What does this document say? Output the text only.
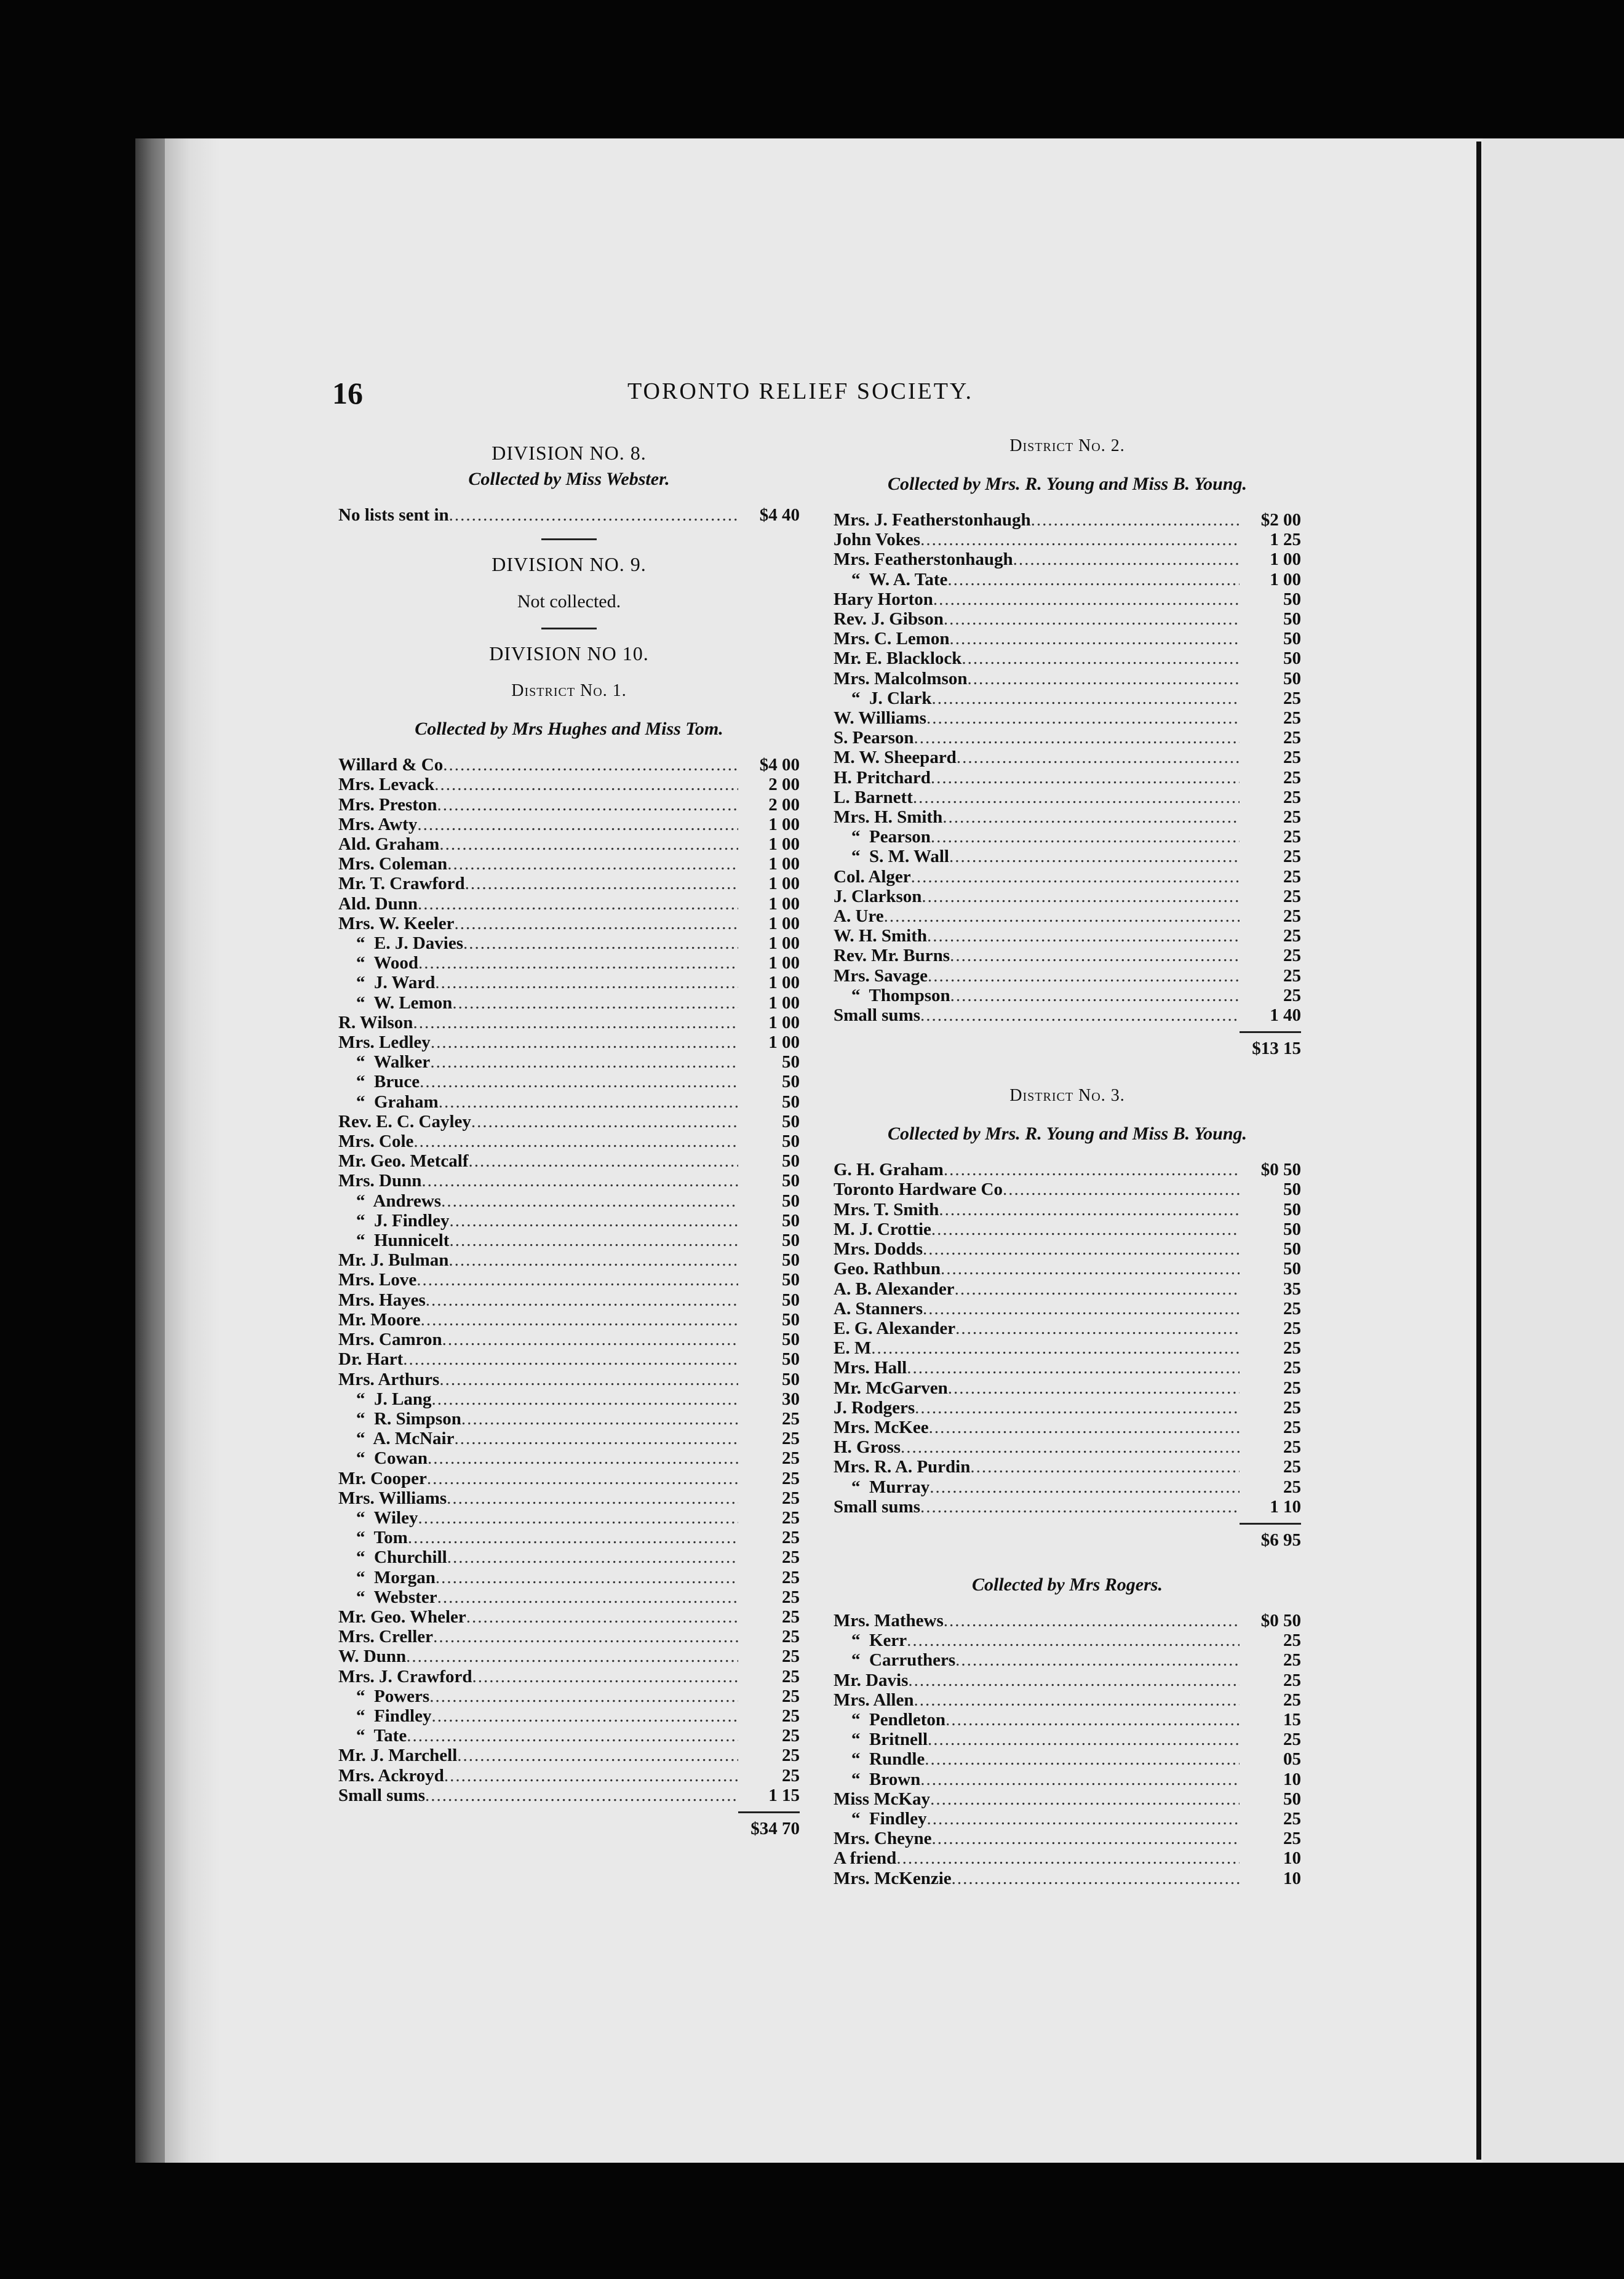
16	TORONTO RELIEF SOCIETY.
DIVISION NO. 8.
Collected by Miss Webster.
No lists sent in .....	$4 40
DIVISION NO. 9.
Not collected.
DIVISION NO 10.
District No. 1.
Collected by Mrs Hughes and Miss Tom.
Willard & Co .....	$4 00
Mrs. Levack .....	2 00
Mrs. Preston .....	2 00
Mrs. Awty .....	1 00
Ald. Graham .....	1 00
Mrs. Coleman .....	1 00
Mr. T. Crawford .....	1 00
Ald. Dunn .....	1 00
Mrs. W. Keeler .....	1 00
“  E. J. Davies .....	1 00
“  Wood .....	1 00
“  J. Ward .....	1 00
“  W. Lemon .....	1 00
R. Wilson .....	1 00
Mrs. Ledley .....	1 00
“  Walker .....	50
“  Bruce .....	50
“  Graham .....	50
Rev. E. C. Cayley .....	50
Mrs. Cole .....	50
Mr. Geo. Metcalf .....	50
Mrs. Dunn .....	50
“  Andrews .....	50
“  J. Findley .....	50
“  Hunnicelt .....	50
Mr. J. Bulman .....	50
Mrs. Love .....	50
Mrs. Hayes .....	50
Mr. Moore .....	50
Mrs. Camron .....	50
Dr. Hart .....	50
Mrs. Arthurs .....	50
“  J. Lang .....	30
“  R. Simpson .....	25
“  A. McNair .....	25
“  Cowan .....	25
Mr. Cooper .....	25
Mrs. Williams .....	25
“  Wiley .....	25
“  Tom .....	25
“  Churchill .....	25
“  Morgan .....	25
“  Webster .....	25
Mr. Geo. Wheler .....	25
Mrs. Creller .....	25
W. Dunn .....	25
Mrs. J. Crawford .....	25
“  Powers .....	25
“  Findley .....	25
“  Tate .....	25
Mr. J. Marchell .....	25
Mrs. Ackroyd .....	25
Small sums .....	1 15
$34 70
District No. 2.
Collected by Mrs. R. Young and Miss B. Young.
Mrs. J. Featherstonhaugh .....	$2 00
John Vokes .....	1 25
Mrs. Featherstonhaugh .....	1 00
“  W. A. Tate .....	1 00
Hary Horton .....	50
Rev. J. Gibson .....	50
Mrs. C. Lemon .....	50
Mr. E. Blacklock .....	50
Mrs. Malcolmson .....	50
“  J. Clark .....	25
W. Williams .....	25
S. Pearson .....	25
M. W. Sheepard .....	25
H. Pritchard .....	25
L. Barnett .....	25
Mrs. H. Smith .....	25
“  Pearson .....	25
“  S. M. Wall .....	25
Col. Alger .....	25
J. Clarkson .....	25
A. Ure .....	25
W. H. Smith .....	25
Rev. Mr. Burns .....	25
Mrs. Savage .....	25
“  Thompson .....	25
Small sums .....	1 40
$13 15
District No. 3.
Collected by Mrs. R. Young and Miss B. Young.
G. H. Graham .....	$0 50
Toronto Hardware Co .....	50
Mrs. T. Smith .....	50
M. J. Crottie .....	50
Mrs. Dodds .....	50
Geo. Rathbun .....	50
A. B. Alexander .....	35
A. Stanners .....	25
E. G. Alexander .....	25
E. M .....	25
Mrs. Hall .....	25
Mr. McGarven .....	25
J. Rodgers .....	25
Mrs. McKee .....	25
H. Gross .....	25
Mrs. R. A. Purdin .....	25
“  Murray .....	25
Small sums .....	1 10
$6 95
Collected by Mrs Rogers.
Mrs. Mathews .....	$0 50
“  Kerr .....	25
“  Carruthers .....	25
Mr. Davis .....	25
Mrs. Allen .....	25
“  Pendleton .....	15
“  Britnell .....	25
“  Rundle .....	05
“  Brown .....	10
Miss McKay .....	50
“  Findley .....	25
Mrs. Cheyne .....	25
A friend .....	10
Mrs. McKenzie .....	10
